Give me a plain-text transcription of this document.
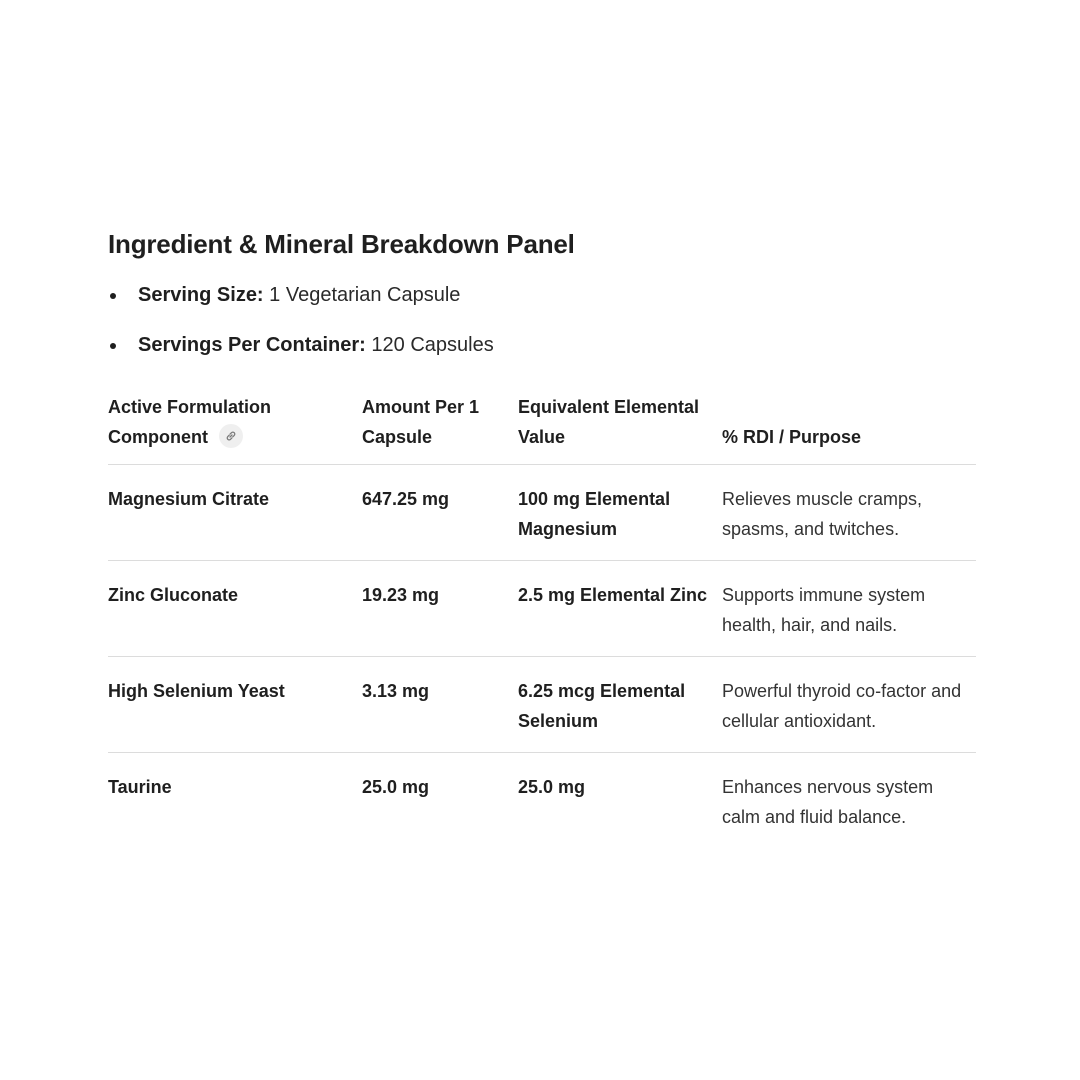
Ingredient & Mineral Breakdown Panel
Serving Size: 1 Vegetarian Capsule
Servings Per Container: 120 Capsules
Active Formulation Component	Amount Per 1 Capsule	Equivalent Elemental Value	% RDI / Purpose
Magnesium Citrate	647.25 mg	100 mg Elemental Magnesium	Relieves muscle cramps, spasms, and twitches.
Zinc Gluconate	19.23 mg	2.5 mg Elemental Zinc	Supports immune system health, hair, and nails.
High Selenium Yeast	3.13 mg	6.25 mcg Elemental Selenium	Powerful thyroid co-factor and cellular antioxidant.
Taurine	25.0 mg	25.0 mg	Enhances nervous system calm and fluid balance.
